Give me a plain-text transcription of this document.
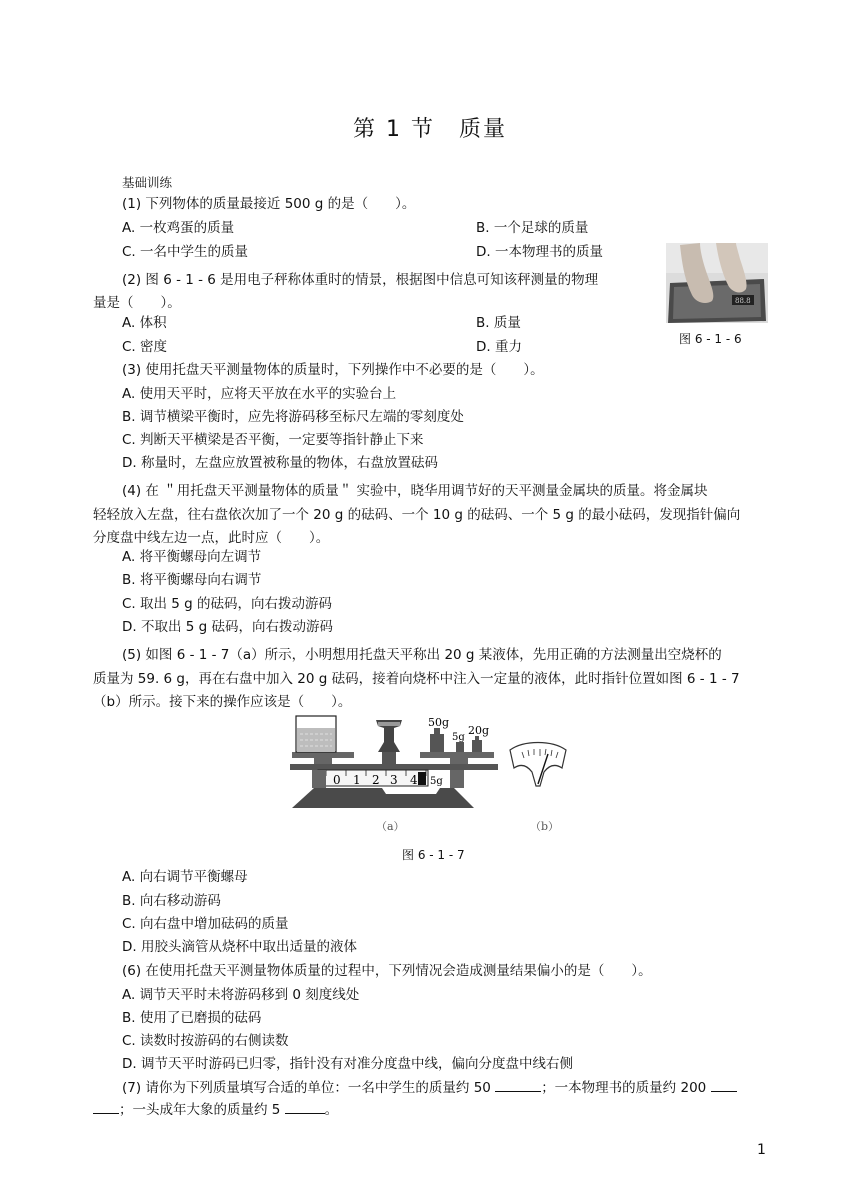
第 1 节　质量
基础训练
(1) 下列物体的质量最接近 500 g 的是（　　）。
A. 一枚鸡蛋的质量	B. 一个足球的质量
C. 一名中学生的质量	D. 一本物理书的质量
(2) 图 6 - 1 - 6 是用电子秤称体重时的情景，根据图中信息可知该秤测量的物理
量是（　　）。
A. 体积	B. 质量
C. 密度	D. 重力
88.8
图 6 - 1 - 6
(3) 使用托盘天平测量物体的质量时，下列操作中不必要的是（　　）。
A. 使用天平时，应将天平放在水平的实验台上
B. 调节横梁平衡时，应先将游码移至标尺左端的零刻度处
C. 判断天平横梁是否平衡，一定要等指针静止下来
D. 称量时，左盘应放置被称量的物体，右盘放置砝码
(4) 在 ＂用托盘天平测量物体的质量＂ 实验中，晓华用调节好的天平测量金属块的质量。将金属块
轻轻放入左盘，往右盘依次加了一个 20 g 的砝码、一个 10 g 的砝码、一个 5 g 的最小砝码，发现指针偏向
分度盘中线左边一点，此时应（　　）。
A. 将平衡螺母向左调节
B. 将平衡螺母向右调节
C. 取出 5 g 的砝码，向右拨动游码
D. 不取出 5 g 砝码，向右拨动游码
(5) 如图 6 - 1 - 7（a）所示，小明想用托盘天平称出 20 g 某液体，先用正确的方法测量出空烧杯的
质量为 59. 6 g，再在右盘中加入 20 g 砝码，接着向烧杯中注入一定量的液体，此时指针位置如图 6 - 1 - 7
（b）所示。接下来的操作应该是（　　）。
0 1 2 3 4 5g
50g
5g
20g
（a）	（b）
图 6 - 1 - 7
A. 向右调节平衡螺母
B. 向右移动游码
C. 向右盘中增加砝码的质量
D. 用胶头滴管从烧杯中取出适量的液体
(6) 在使用托盘天平测量物体质量的过程中，下列情况会造成测量结果偏小的是（　　）。
A. 调节天平时未将游码移到 0 刻度线处
B. 使用了已磨损的砝码
C. 读数时按游码的右侧读数
D. 调节天平时游码已归零，指针没有对准分度盘中线，偏向分度盘中线右侧
(7) 请你为下列质量填写合适的单位：一名中学生的质量约 50	；一本物理书的质量约 200
；一头成年大象的质量约 5	。
1
